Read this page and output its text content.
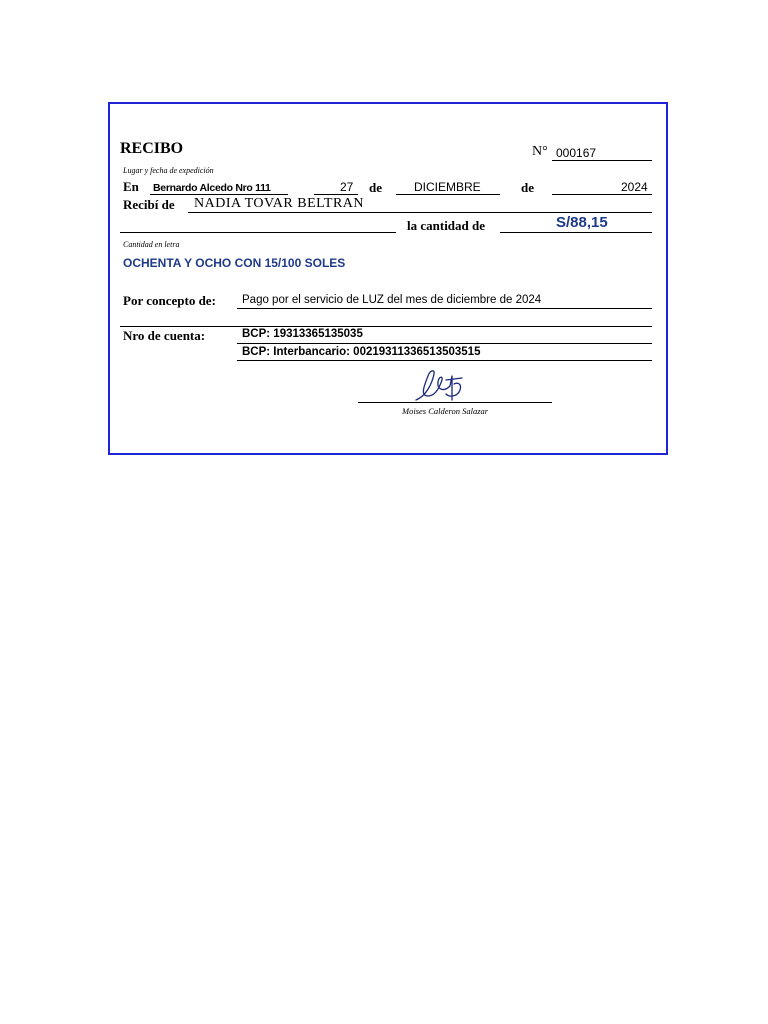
RECIBO	N° 000167
Lugar y fecha de expedición
En Bernardo Alcedo Nro 111	27 de	DICIEMBRE	de	2024
Recibí de NADIA TOVAR BELTRAN
la cantidad de	S/88,15
Cantidad en letra
OCHENTA Y OCHO CON 15/100 SOLES
Por concepto de: Pago por el servicio de LUZ del mes de diciembre de 2024
Nro de cuenta:	BCP: 19313365135035
BCP: Interbancario: 00219311336513503515
Moises Calderon Salazar
